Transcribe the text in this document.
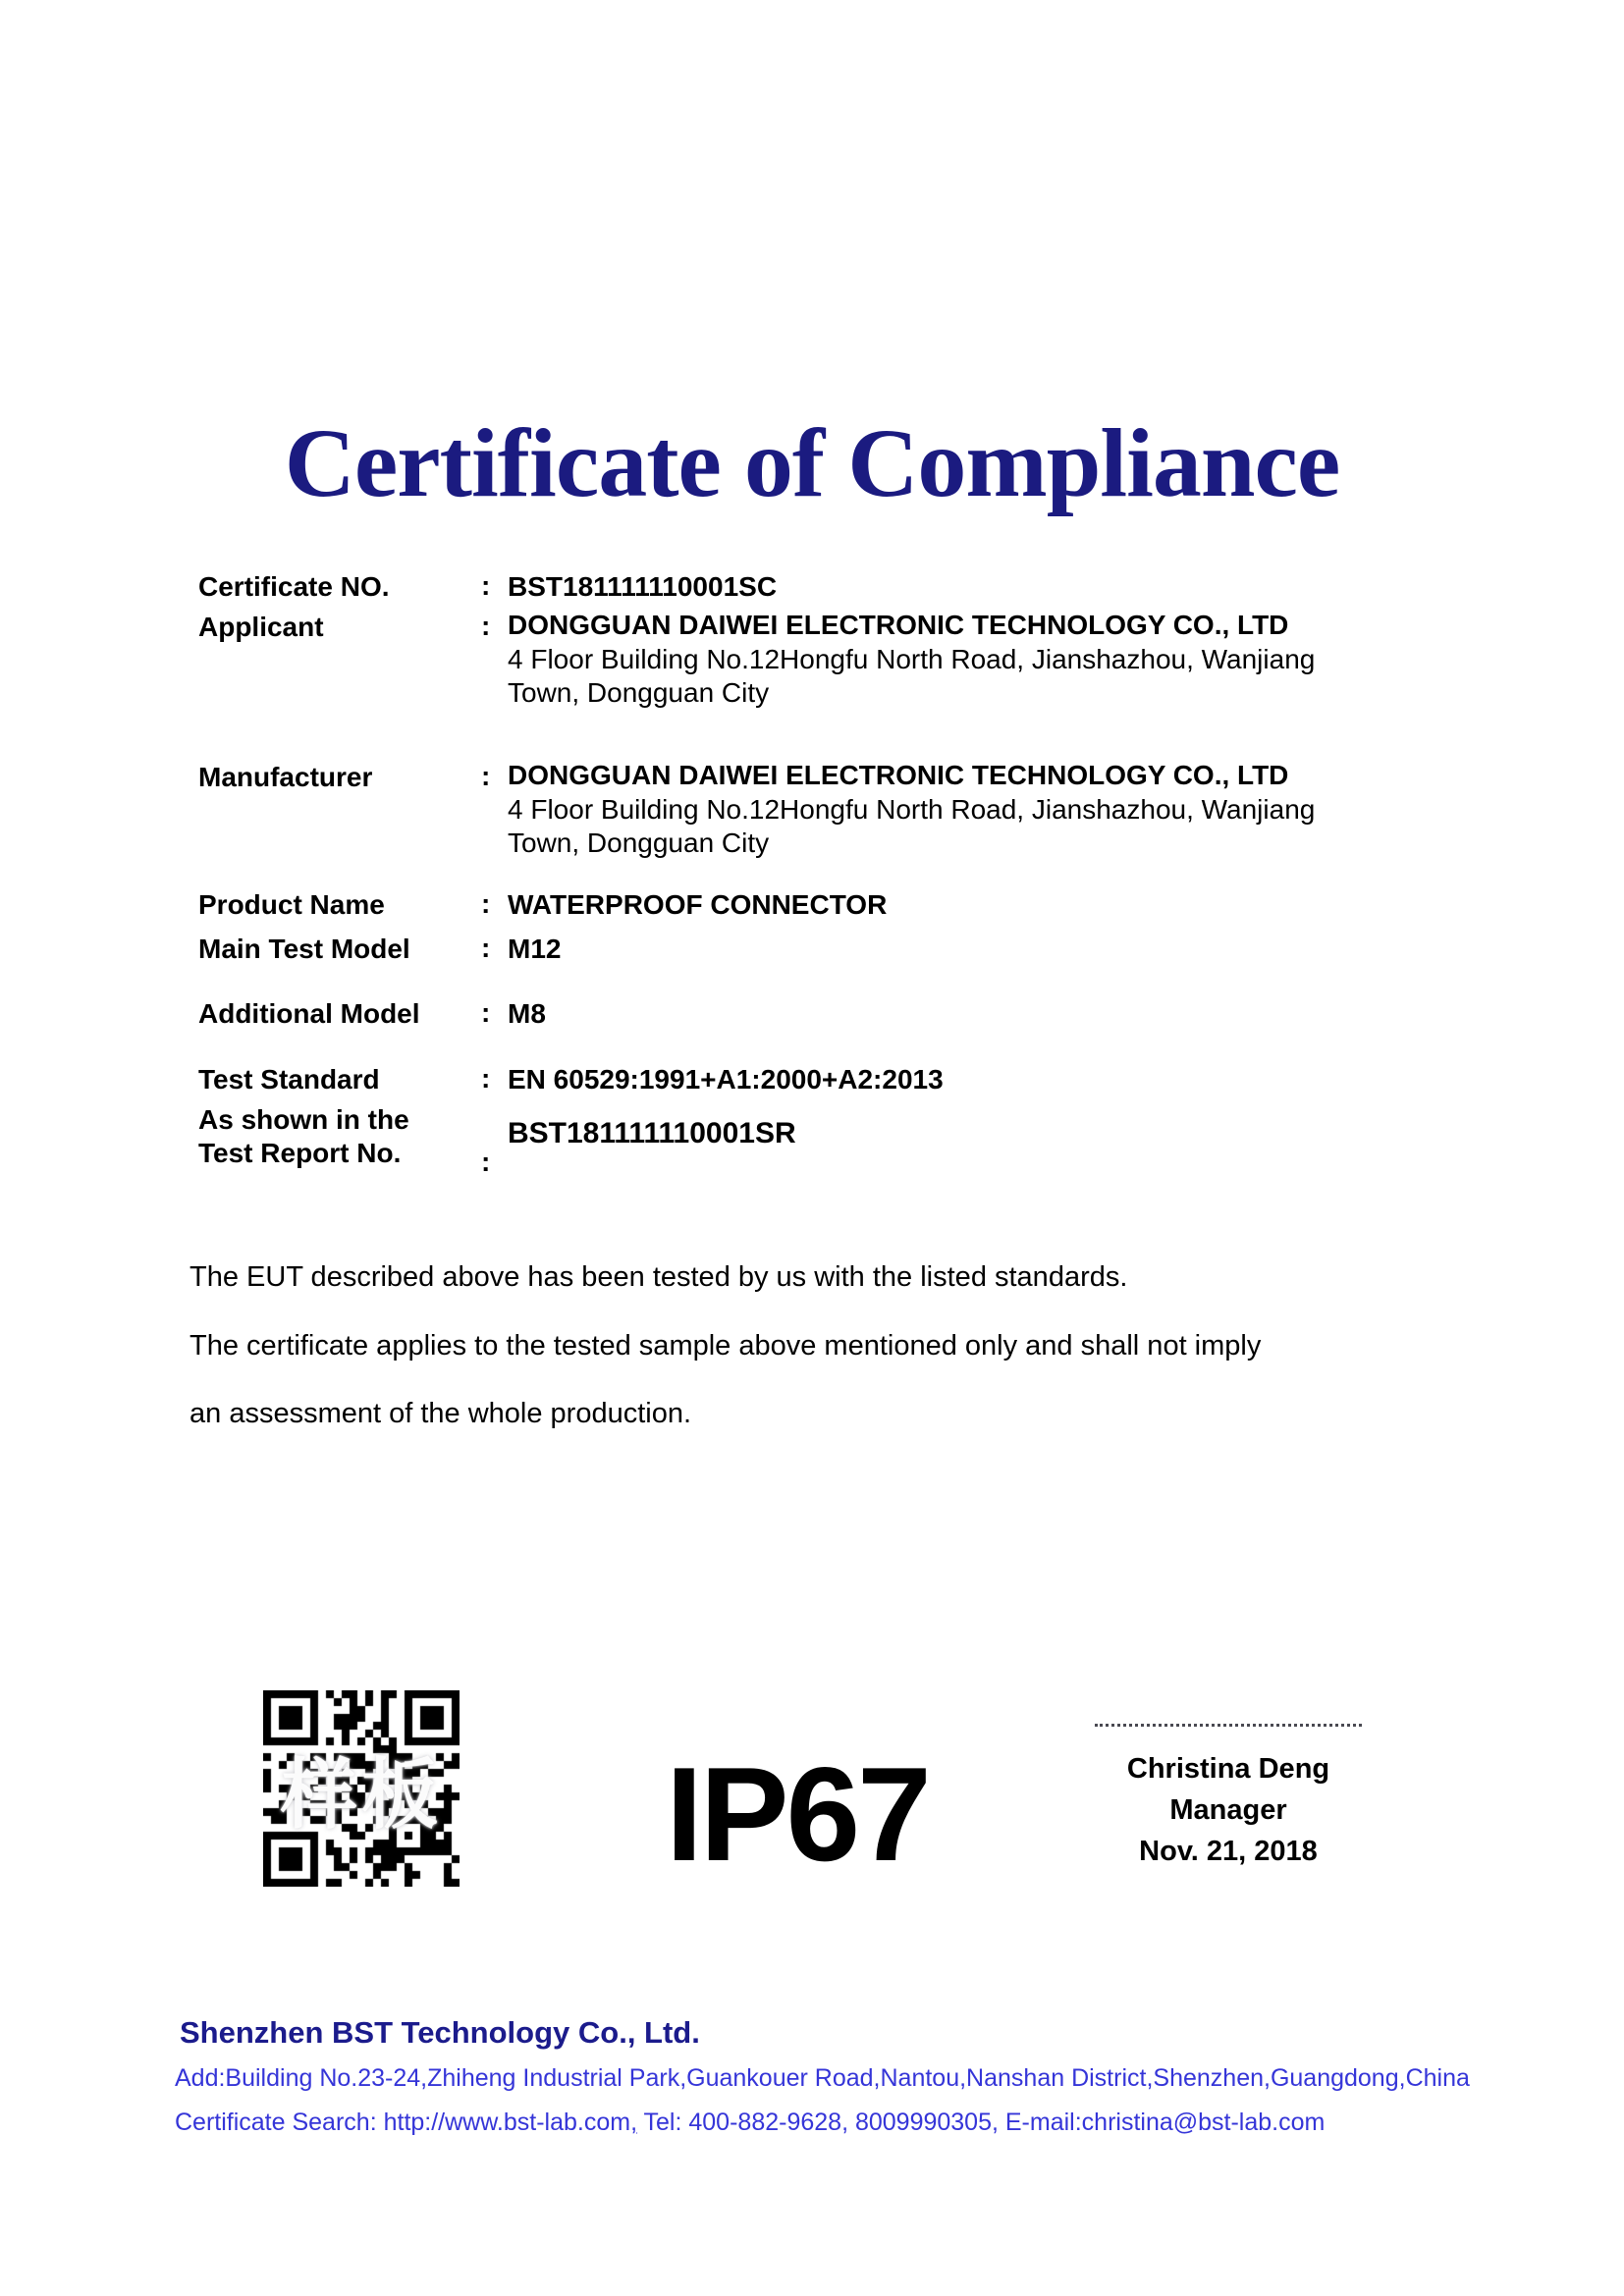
Certificate of Compliance
Certificate NO.	: BST181111110001SC
Applicant	: DONGGUAN DAIWEI ELECTRONIC TECHNOLOGY CO., LTD
4 Floor Building No.12Hongfu North Road, Jianshazhou, Wanjiang
Town, Dongguan City
Manufacturer	: DONGGUAN DAIWEI ELECTRONIC TECHNOLOGY CO., LTD
4 Floor Building No.12Hongfu North Road, Jianshazhou, Wanjiang
Town, Dongguan City
Product Name	: WATERPROOF CONNECTOR
Main Test Model	: M12
Additional Model : M8
Test Standard	: EN 60529:1991+A1:2000+A2:2013
As shown in the
Test Report No.	:
BST181111110001SR
The EUT described above has been tested by us with the listed standards.
The certificate applies to the tested sample above mentioned only and shall not imply
an assessment of the whole production.
样板 IP67	Christina Deng
Manager
Nov. 21, 2018
Shenzhen BST Technology Co., Ltd.
Add:Building No.23-24,Zhiheng Industrial Park,Guankouer Road,Nantou,Nanshan District,Shenzhen,Guangdong,China
Certificate Search: http://www.bst-lab.com, Tel: 400-882-9628, 8009990305, E-mail:christina@bst-lab.com
